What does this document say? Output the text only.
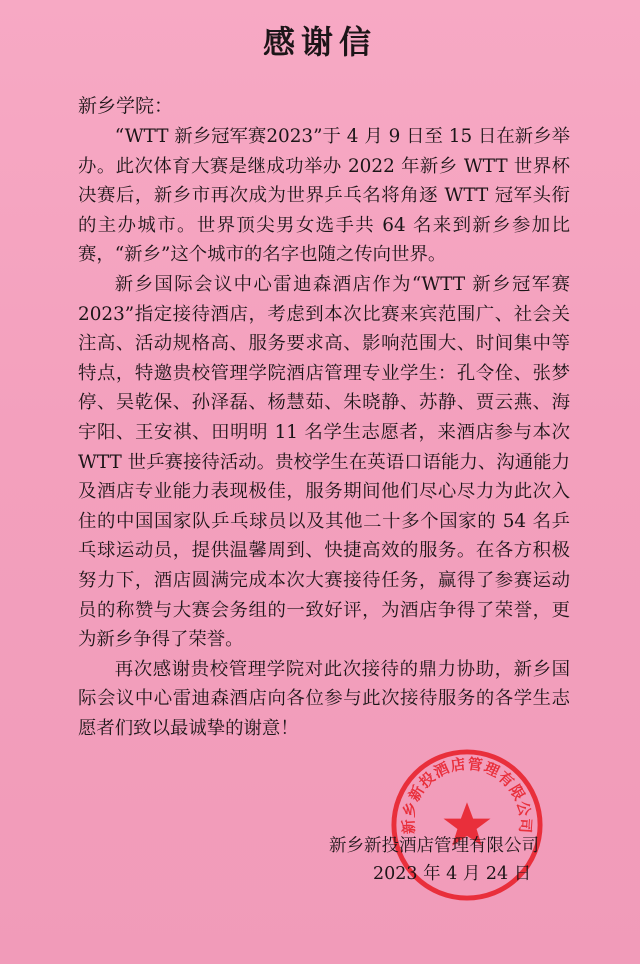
感谢信
新乡学院：

“WTT 新乡冠军赛2023”于 4 月 9 日至 15 日在新乡举办。此次体育大赛是继成功举办 2022 年新乡 WTT 世界杯决赛后，新乡市再次成为世界乒乓名将角逐 WTT 冠军头衔的主办城市。世界顶尖男女选手共 64 名来到新乡参加比赛，“新乡”这个城市的名字也随之传向世界。

新乡国际会议中心雷迪森酒店作为“WTT 新乡冠军赛2023”指定接待酒店，考虑到本次比赛来宾范围广、社会关注高、活动规格高、服务要求高、影响范围大、时间集中等特点，特邀贵校管理学院酒店管理专业学生：孔令佺、张梦停、吴乾保、孙泽磊、杨慧茹、朱晓静、苏静、贾云燕、海宇阳、王安祺、田明明 11 名学生志愿者，来酒店参与本次 WTT 世乒赛接待活动。贵校学生在英语口语能力、沟通能力及酒店专业能力表现极佳，服务期间他们尽心尽力为此次入住的中国国家队乒乓球员以及其他二十多个国家的 54 名乒乓球运动员，提供温馨周到、快捷高效的服务。在各方积极努力下，酒店圆满完成本次大赛接待任务，赢得了参赛运动员的称赞与大赛会务组的一致好评，为酒店争得了荣誉，更为新乡争得了荣誉。

再次感谢贵校管理学院对此次接待的鼎力协助，新乡国际会议中心雷迪森酒店向各位参与此次接待服务的各学生志愿者们致以最诚挚的谢意！

新乡新投酒店管理有限公司
新乡新投酒店管理有限公司
2023 年 4 月 24 日
